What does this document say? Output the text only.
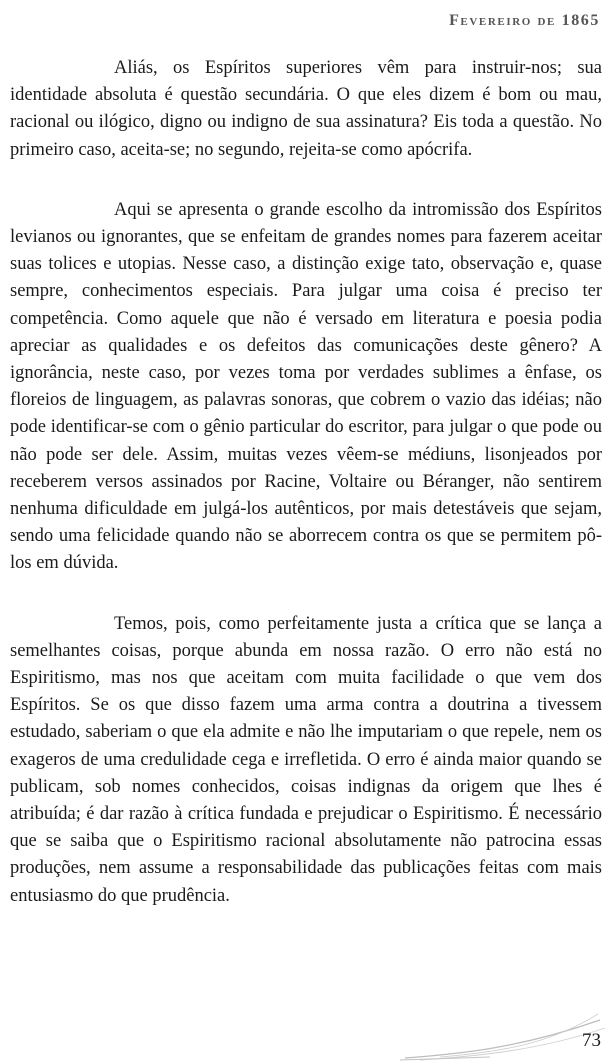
Fevereiro de 1865

Aliás, os Espíritos superiores vêm para instruir-nos; sua identidade absoluta é questão secundária. O que eles dizem é bom ou mau, racional ou ilógico, digno ou indigno de sua assinatura? Eis toda a questão. No primeiro caso, aceita-se; no segundo, rejeita-se como apócrifa.

Aqui se apresenta o grande escolho da intromissão dos Espíritos levianos ou ignorantes, que se enfeitam de grandes nomes para fazerem aceitar suas tolices e utopias. Nesse caso, a distinção exige tato, observação e, quase sempre, conhecimentos especiais. Para julgar uma coisa é preciso ter competência. Como aquele que não é versado em literatura e poesia podia apreciar as qualidades e os defeitos das comunicações deste gênero? A ignorância, neste caso, por vezes toma por verdades sublimes a ênfase, os floreios de linguagem, as palavras sonoras, que cobrem o vazio das idéias; não pode identificar-se com o gênio particular do escritor, para julgar o que pode ou não pode ser dele. Assim, muitas vezes vêem-se médiuns, lisonjeados por receberem versos assinados por Racine, Voltaire ou Béranger, não sentirem nenhuma dificuldade em julgá-los autênticos, por mais detestáveis que sejam, sendo uma felicidade quando não se aborrecem contra os que se permitem pô-los em dúvida.

Temos, pois, como perfeitamente justa a crítica que se lança a semelhantes coisas, porque abunda em nossa razão. O erro não está no Espiritismo, mas nos que aceitam com muita facilidade o que vem dos Espíritos. Se os que disso fazem uma arma contra a doutrina a tivessem estudado, saberiam o que ela admite e não lhe imputariam o que repele, nem os exageros de uma credulidade cega e irrefletida. O erro é ainda maior quando se publicam, sob nomes conhecidos, coisas indignas da origem que lhes é atribuída; é dar razão à crítica fundada e prejudicar o Espiritismo. É necessário que se saiba que o Espiritismo racional absolutamente não patrocina essas produções, nem assume a responsabilidade das publicações feitas com mais entusiasmo do que prudência.

73
